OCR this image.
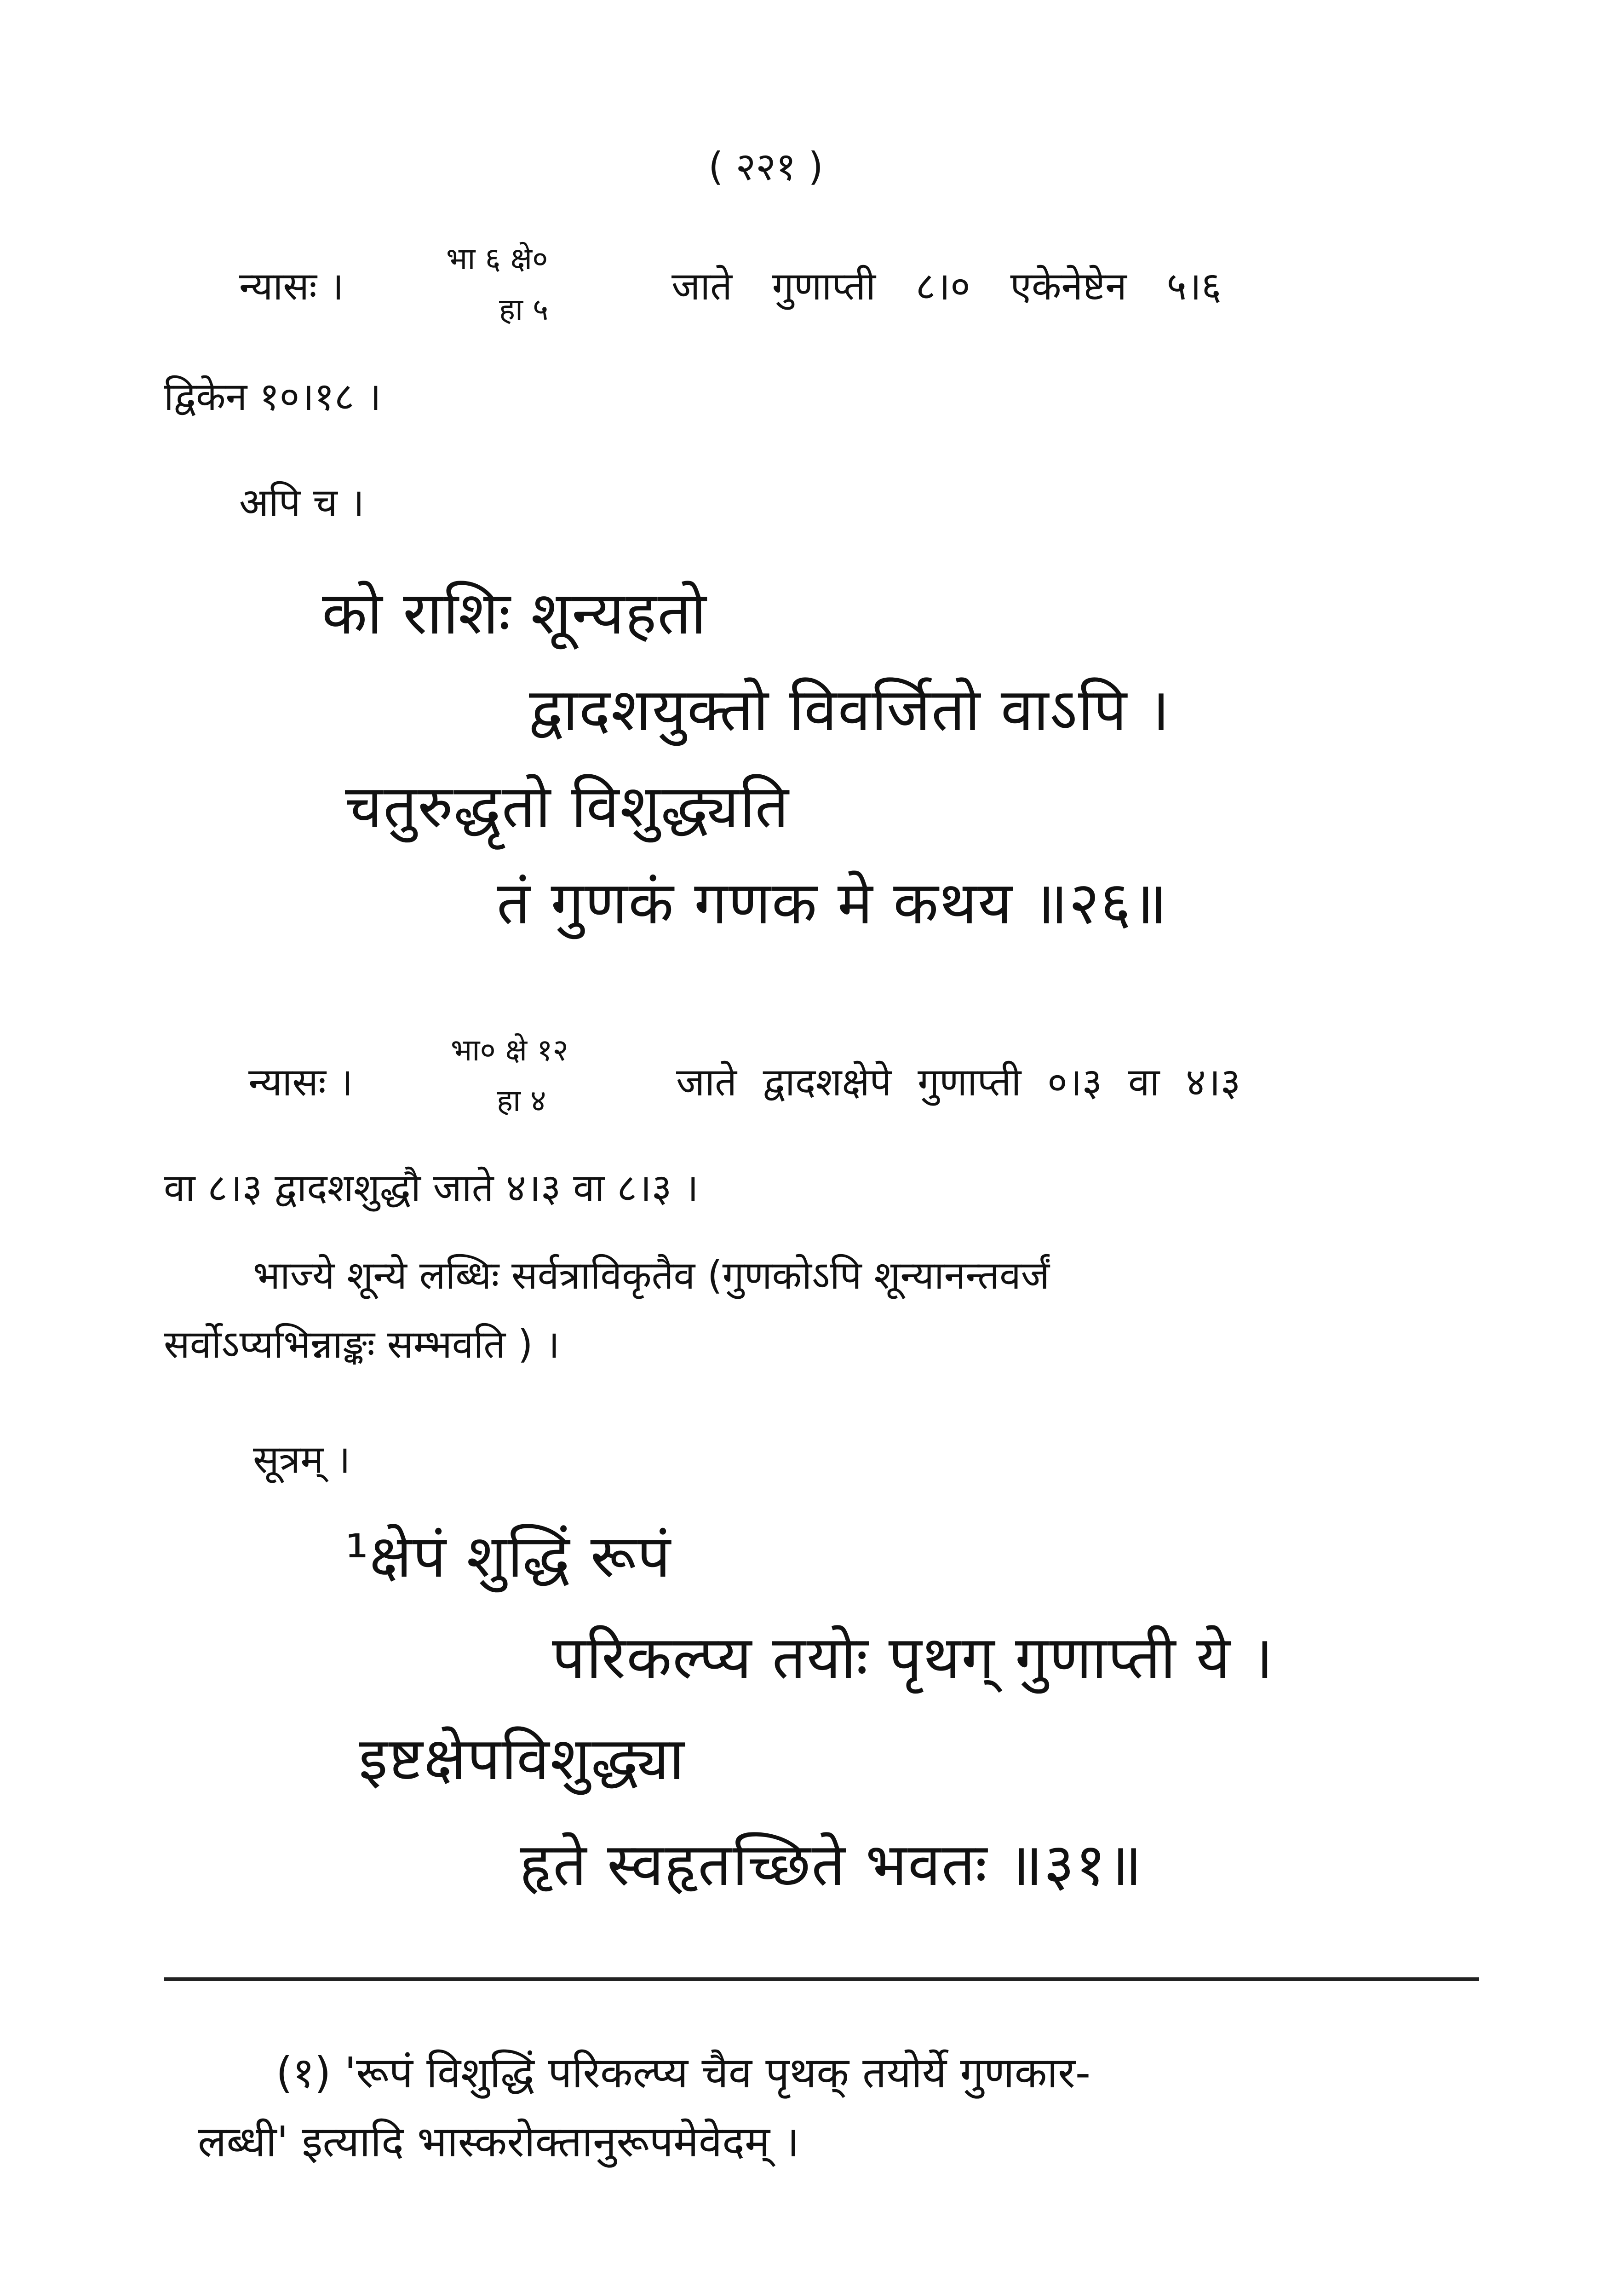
( २२१ )
न्यासः ।
भा ६ क्षे०
हा ५
जाते गुणाप्ती ८।० एकेनेष्टेन ५।६
द्विकेन १०।१८ ।
अपि च ।
को राशिः शून्यहतो
द्वादशयुक्तो विवर्जितो वाऽपि ।
चतुरुद्धृतो विशुद्ध्यति
तं गुणकं गणक मे कथय ॥२६॥
न्यासः ।
भा० क्षे १२
हा ४	जाते द्वादशक्षेपे गुणाप्ती ०।३ वा ४।३
वा ८।३ द्वादशशुद्धौ जाते ४।३ वा ८।३ ।
भाज्ये शून्ये लब्धिः सर्वत्राविकृतैव (गुणकोऽपि शून्यानन्तवर्जं
सर्वोऽप्यभिन्नाङ्कः सम्भवति ) ।
सूत्रम् ।
¹क्षेपं शुद्धिं रूपं
परिकल्प्य तयोः पृथग् गुणाप्ती ये ।
इष्टक्षेपविशुद्ध्या
हृते स्वहृतच्छिते भवतः ॥३१॥
(१) 'रूपं विशुद्धिं परिकल्प्य चैव पृथक् तयोर्ये गुणकार-
लब्धी' इत्यादि भास्करोक्तानुरूपमेवेदम् ।
